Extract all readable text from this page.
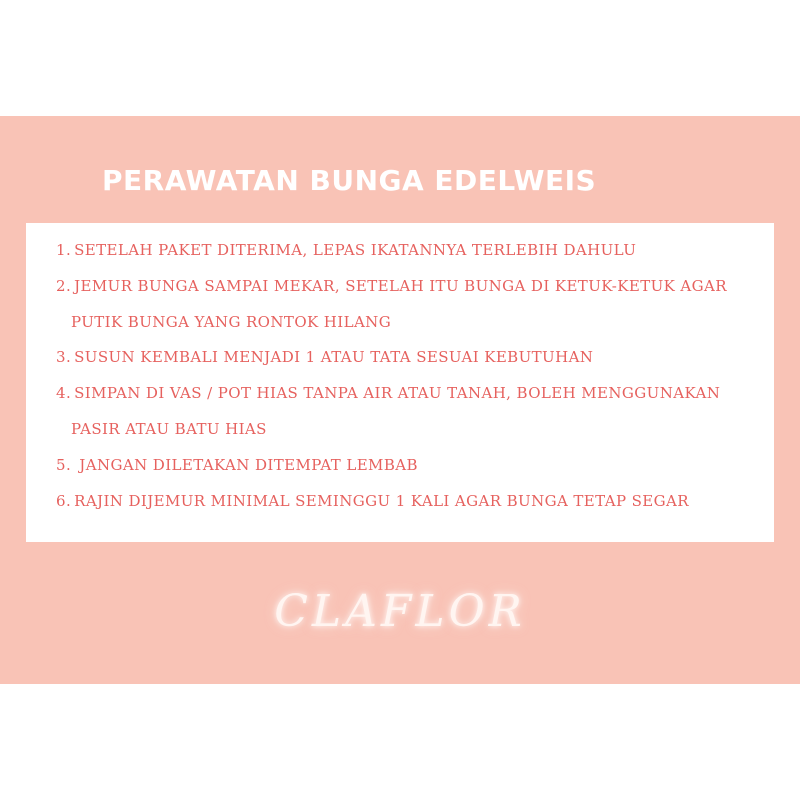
PERAWATAN BUNGA EDELWEIS
1. SETELAH PAKET DITERIMA, LEPAS IKATANNYA TERLEBIH DAHULU
2. JEMUR BUNGA SAMPAI MEKAR, SETELAH ITU BUNGA DI KETUK-KETUK AGAR
PUTIK BUNGA YANG RONTOK HILANG
3. SUSUN KEMBALI MENJADI 1 ATAU TATA SESUAI KEBUTUHAN
4. SIMPAN DI VAS / POT HIAS TANPA AIR ATAU TANAH, BOLEH MENGGUNAKAN
PASIR ATAU BATU HIAS
5. JANGAN DILETAKAN DITEMPAT LEMBAB
6. RAJIN DIJEMUR MINIMAL SEMINGGU 1 KALI AGAR BUNGA TETAP SEGAR
CLAFLOR
